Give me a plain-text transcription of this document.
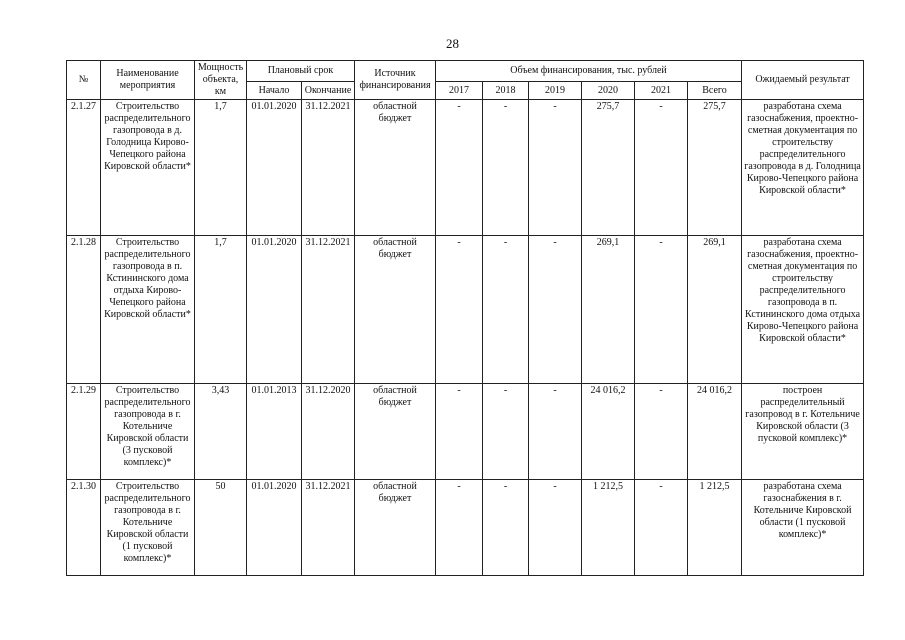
28
№	Наименование мероприятия	Мощность объекта, км	Плановый срок		Источник финансирования	Объем финансирования, тыс. рублей						Ожидаемый результат
			Начало	Окончание		2017	2018	2019	2020	2021	Всего	
2.1.27	Строительство распределительного газопровода в д. Голодница Кирово-Чепецкого района Кировской области*	1,7	01.01.2020	31.12.2021	областной бюджет	-	-	-	275,7	-	275,7	разработана схема газоснабжения, проектно-сметная документация по строительству распределительного газопровода в д. Голодница Кирово-Чепецкого района Кировской области*
2.1.28	Строительство распределительного газопровода в п. Кстининского дома отдыха Кирово-Чепецкого района Кировской области*	1,7	01.01.2020	31.12.2021	областной бюджет	-	-	-	269,1	-	269,1	разработана схема газоснабжения, проектно-сметная документация по строительству распределительного газопровода в п. Кстининского дома отдыха Кирово-Чепецкого района Кировской области*
2.1.29	Строительство распределительного газопровода в г. Котельниче Кировской области (3 пусковой комплекс)*	3,43	01.01.2013	31.12.2020	областной бюджет	-	-	-	24 016,2	-	24 016,2	построен распределительный газопровод в г. Котельниче Кировской области (3 пусковой комплекс)*
2.1.30	Строительство распределительного газопровода в г. Котельниче Кировской области (1 пусковой комплекс)*	50	01.01.2020	31.12.2021	областной бюджет	-	-	-	1 212,5	-	1 212,5	разработана схема газоснабжения в г. Котельниче Кировской области (1 пусковой комплекс)*
